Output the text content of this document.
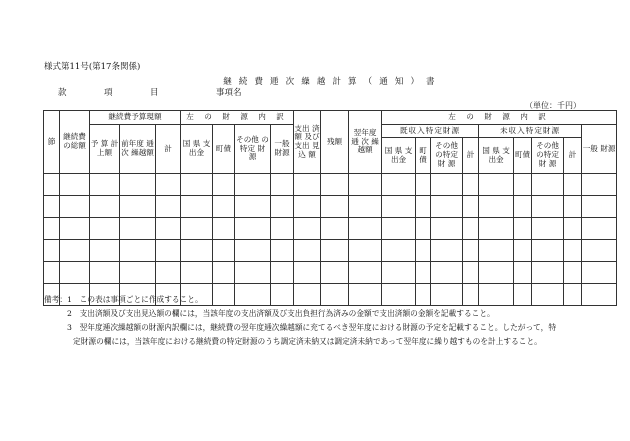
様式第11号(第17条関係)
継 続 費 逓 次 繰 越 計 算 （ 通 知 ） 書
款	項	目	事項名
（単位：千円）
節	継続費の総額	継続費予算現額			左 の 財 源 内 訳				支出 済額 及び 支出 見込 額	残額	翌年度 逓 次 繰越額	左 の 財 源 内 訳								
		予 算 計上額	前年度 逓 次 繰越額	計	国 県 支出金	町債	その他 の特定 財 源	一般 財源				既収入特定財源				未収入特定財源				一般 財源
												国 県 支出金	町 債	その他 の特定 財 源	計	国 県 支出金	町債	その他 の特定 財 源	計	

備考：1　この表は事項ごとに作成すること。
2　支出済額及び支出見込額の欄には，当該年度の支出済額及び支出負担行為済みの金額で支出済額の金額を記載すること。
3　翌年度逓次繰越額の財源内訳欄には，継続費の翌年度逓次繰越額に充てるべき翌年度における財源の予定を記載すること。したがって，特
定財源の欄には，当該年度における継続費の特定財源のうち調定済未納又は調定済未納であって翌年度に繰り越すものを計上すること。
